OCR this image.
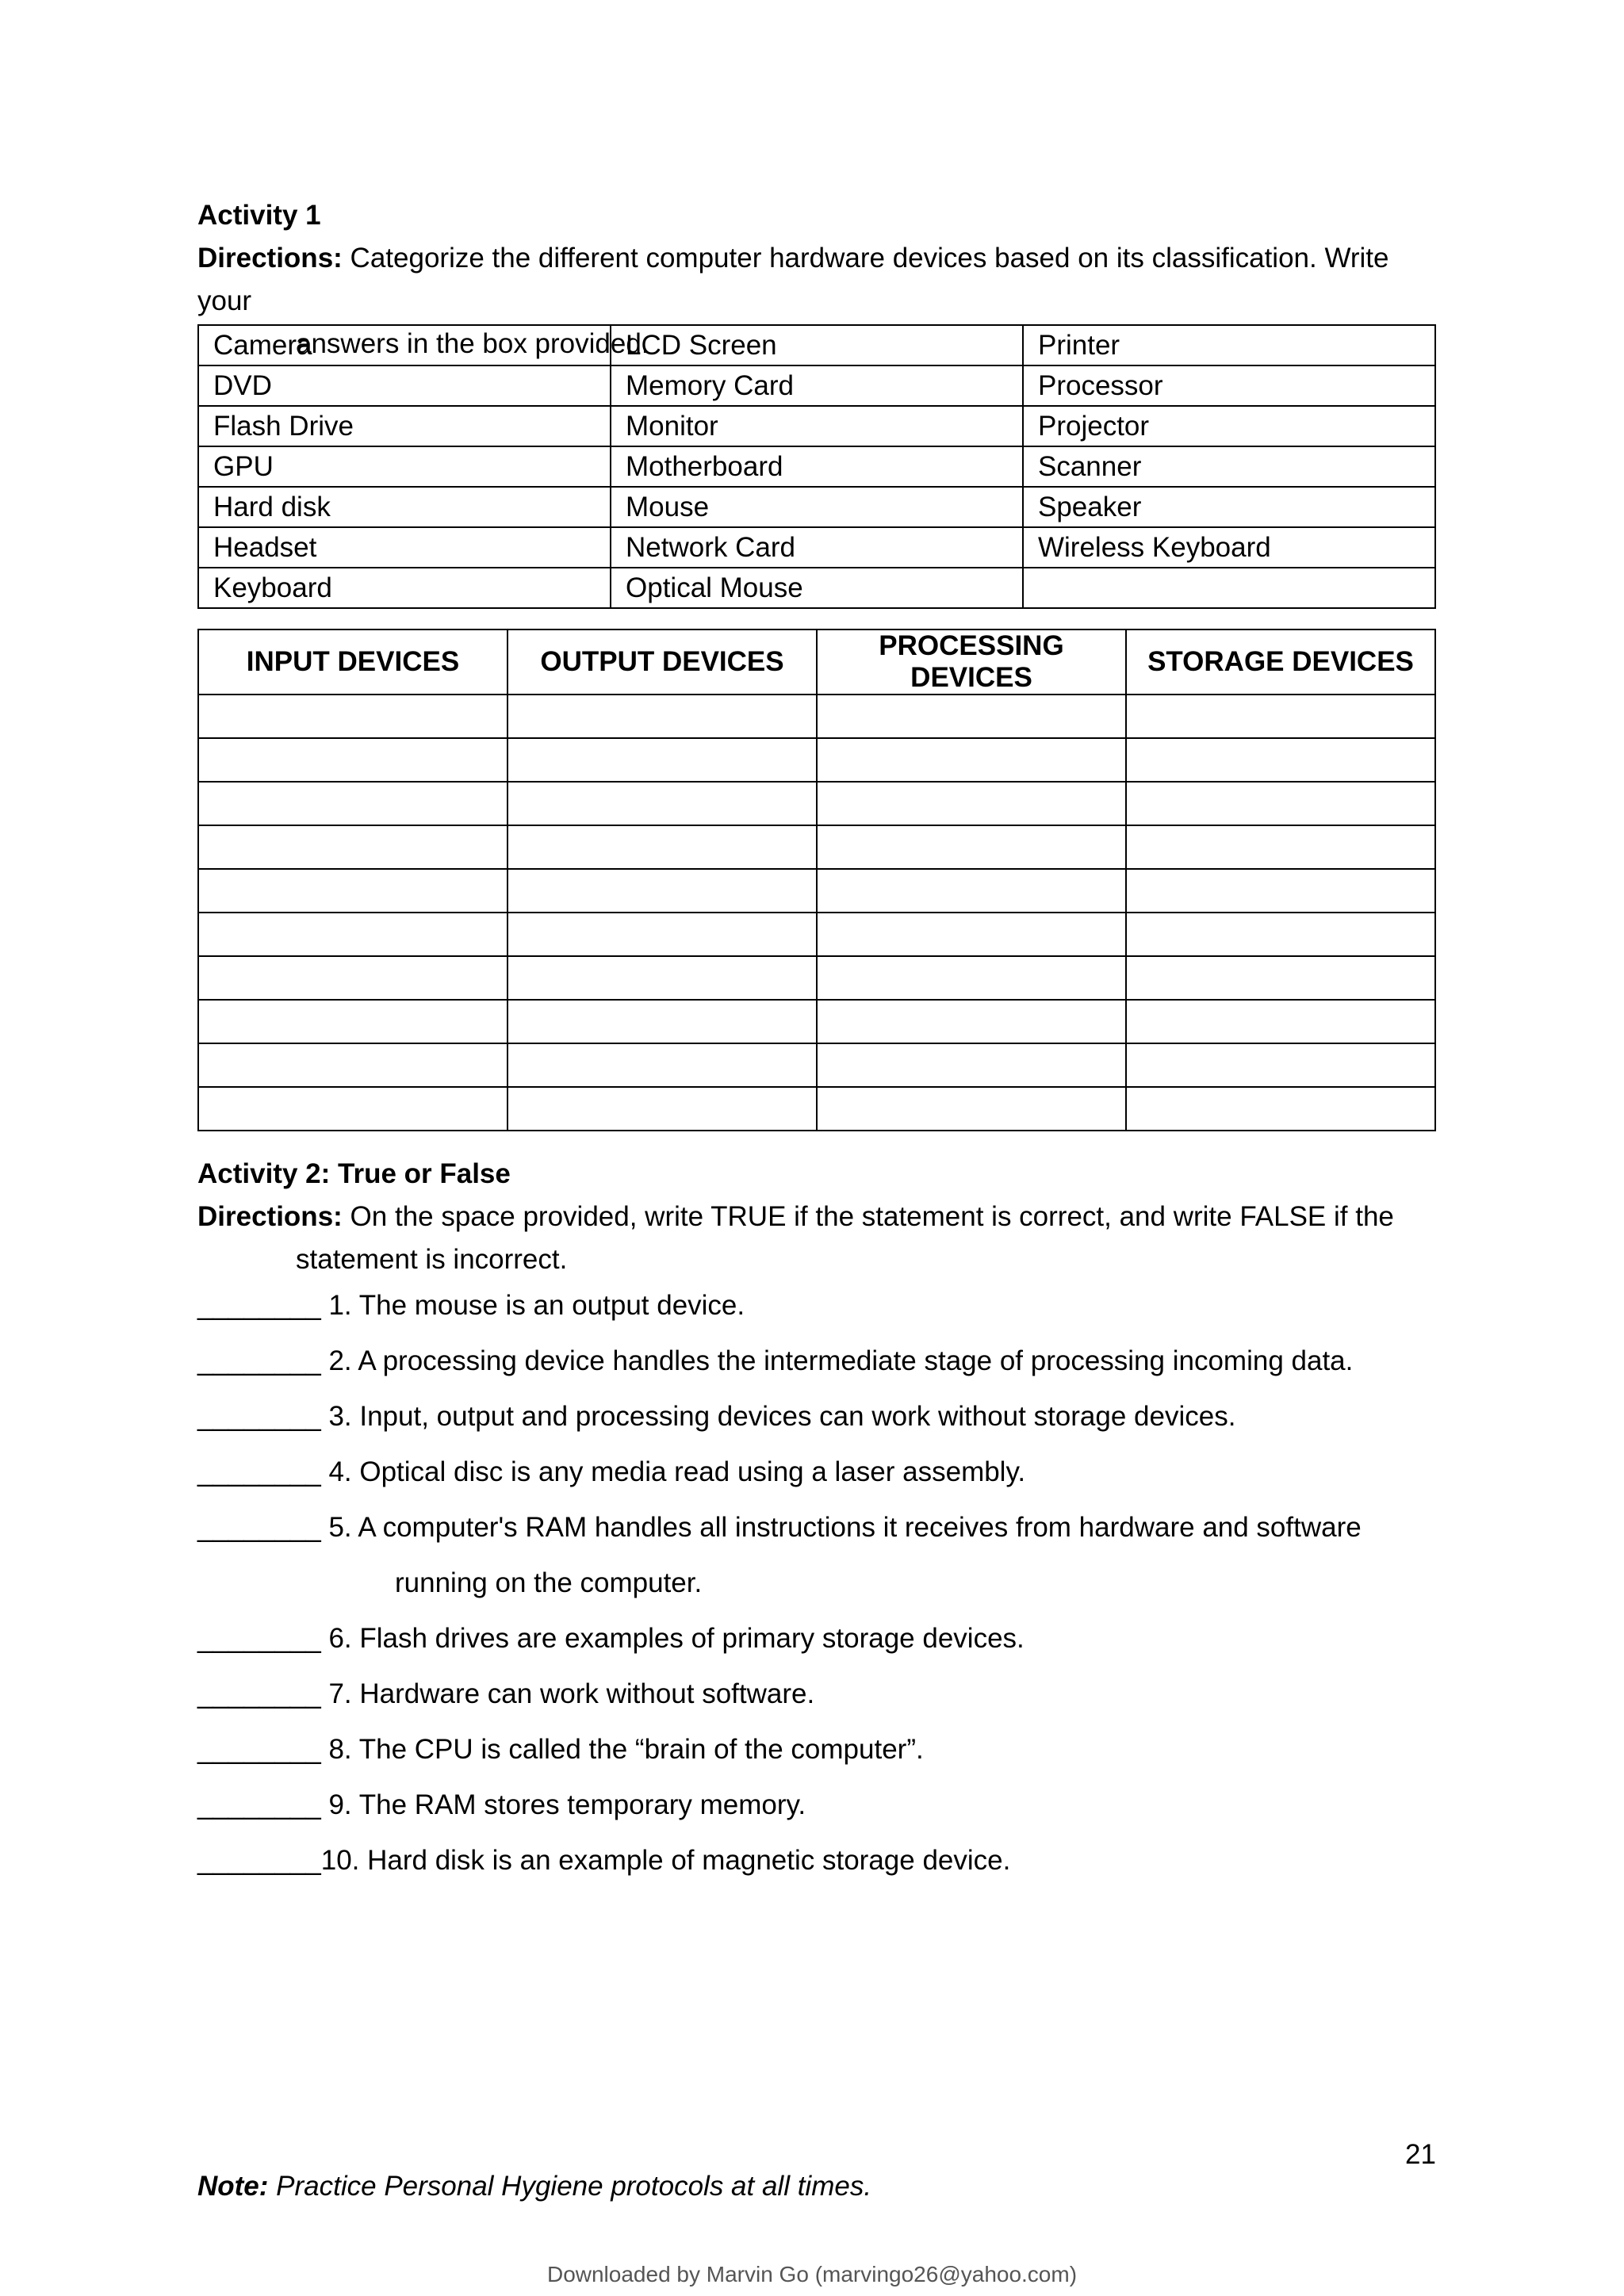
Activity 1
Directions: Categorize the different computer hardware devices based on its classification. Write your
answers in the box provided.
Camera	LCD Screen	Printer
DVD	Memory Card	Processor
Flash Drive	Monitor	Projector
GPU	Motherboard	Scanner
Hard disk	Mouse	Speaker
Headset	Network Card	Wireless Keyboard
Keyboard	Optical Mouse	
INPUT DEVICES	OUTPUT DEVICES	PROCESSING DEVICES	STORAGE DEVICES

Activity 2: True or False
Directions: On the space provided, write TRUE if the statement is correct, and write FALSE if the
statement is incorrect.
________ 1. The mouse is an output device.
________ 2. A processing device handles the intermediate stage of processing incoming data.
________ 3. Input, output and processing devices can work without storage devices.
________ 4. Optical disc is any media read using a laser assembly.
________ 5. A computer's RAM handles all instructions it receives from hardware and software
running on the computer.
________ 6. Flash drives are examples of primary storage devices.
________ 7. Hardware can work without software.
________ 8. The CPU is called the “brain of the computer”.
________ 9. The RAM stores temporary memory.
________10. Hard disk is an example of magnetic storage device.
21
Note: Practice Personal Hygiene protocols at all times.
Downloaded by Marvin Go (marvingo26@yahoo.com)
